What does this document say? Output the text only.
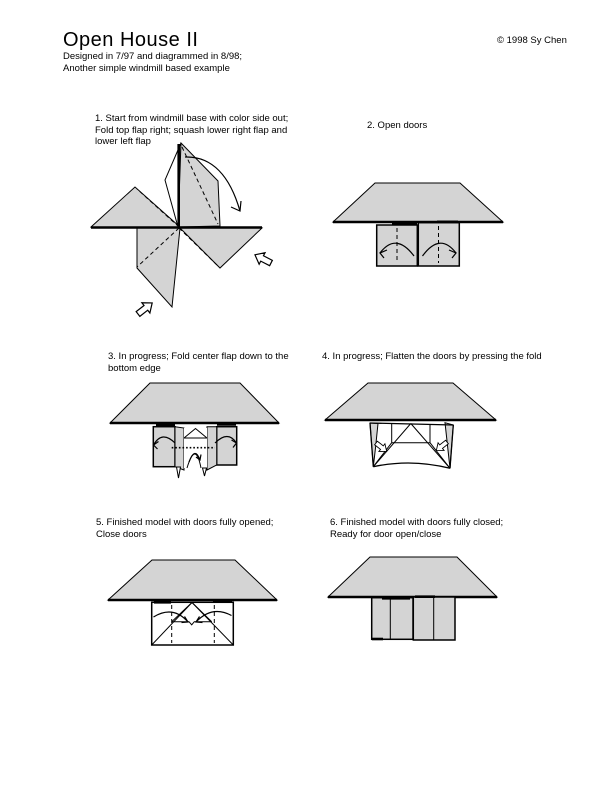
Open House II
Designed in 7/97 and diagrammed in 8/98;
Another simple windmill based example
© 1998 Sy Chen
1. Start from windmill base with color side out;
Fold top flap right; squash lower right flap and
lower left flap
2. Open doors
3. In progress; Fold center flap down to the
bottom edge
4. In progress; Flatten the doors by pressing the fold
5. Finished model with doors fully opened;
Close doors
6. Finished model with doors fully closed;
Ready for door open/close
